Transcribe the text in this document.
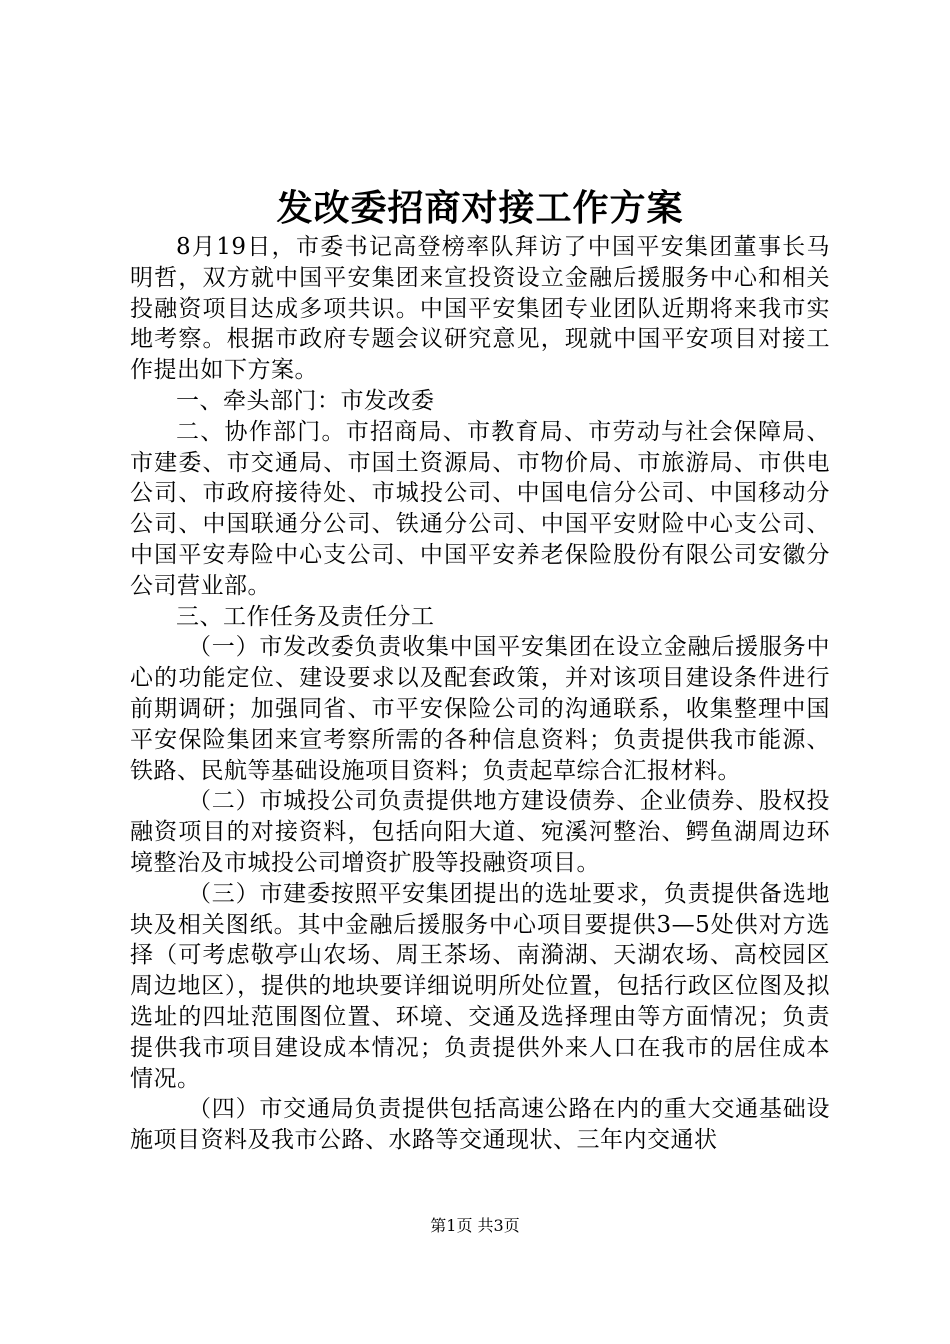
发改委招商对接工作方案

8月19日，市委书记高登榜率队拜访了中国平安集团董事长马明哲，双方就中国平安集团来宣投资设立金融后援服务中心和相关投融资项目达成多项共识。中国平安集团专业团队近期将来我市实地考察。根据市政府专题会议研究意见，现就中国平安项目对接工作提出如下方案。

一、牵头部门：市发改委

二、协作部门。市招商局、市教育局、市劳动与社会保障局、市建委、市交通局、市国土资源局、市物价局、市旅游局、市供电公司、市政府接待处、市城投公司、中国电信分公司、中国移动分公司、中国联通分公司、铁通分公司、中国平安财险中心支公司、中国平安寿险中心支公司、中国平安养老保险股份有限公司安徽分公司营业部。

三、工作任务及责任分工

（一）市发改委负责收集中国平安集团在设立金融后援服务中心的功能定位、建设要求以及配套政策，并对该项目建设条件进行前期调研；加强同省、市平安保险公司的沟通联系，收集整理中国平安保险集团来宣考察所需的各种信息资料；负责提供我市能源、铁路、民航等基础设施项目资料；负责起草综合汇报材料。

（二）市城投公司负责提供地方建设债券、企业债券、股权投融资项目的对接资料，包括向阳大道、宛溪河整治、鳄鱼湖周边环境整治及市城投公司增资扩股等投融资项目。

（三）市建委按照平安集团提出的选址要求，负责提供备选地块及相关图纸。其中金融后援服务中心项目要提供3—5处供对方选择（可考虑敬亭山农场、周王茶场、南漪湖、天湖农场、高校园区周边地区），提供的地块要详细说明所处位置，包括行政区位图及拟选址的四址范围图位置、环境、交通及选择理由等方面情况；负责提供我市项目建设成本情况；负责提供外来人口在我市的居住成本情况。

（四）市交通局负责提供包括高速公路在内的重大交通基础设施项目资料及我市公路、水路等交通现状、三年内交通状

第1页 共3页
